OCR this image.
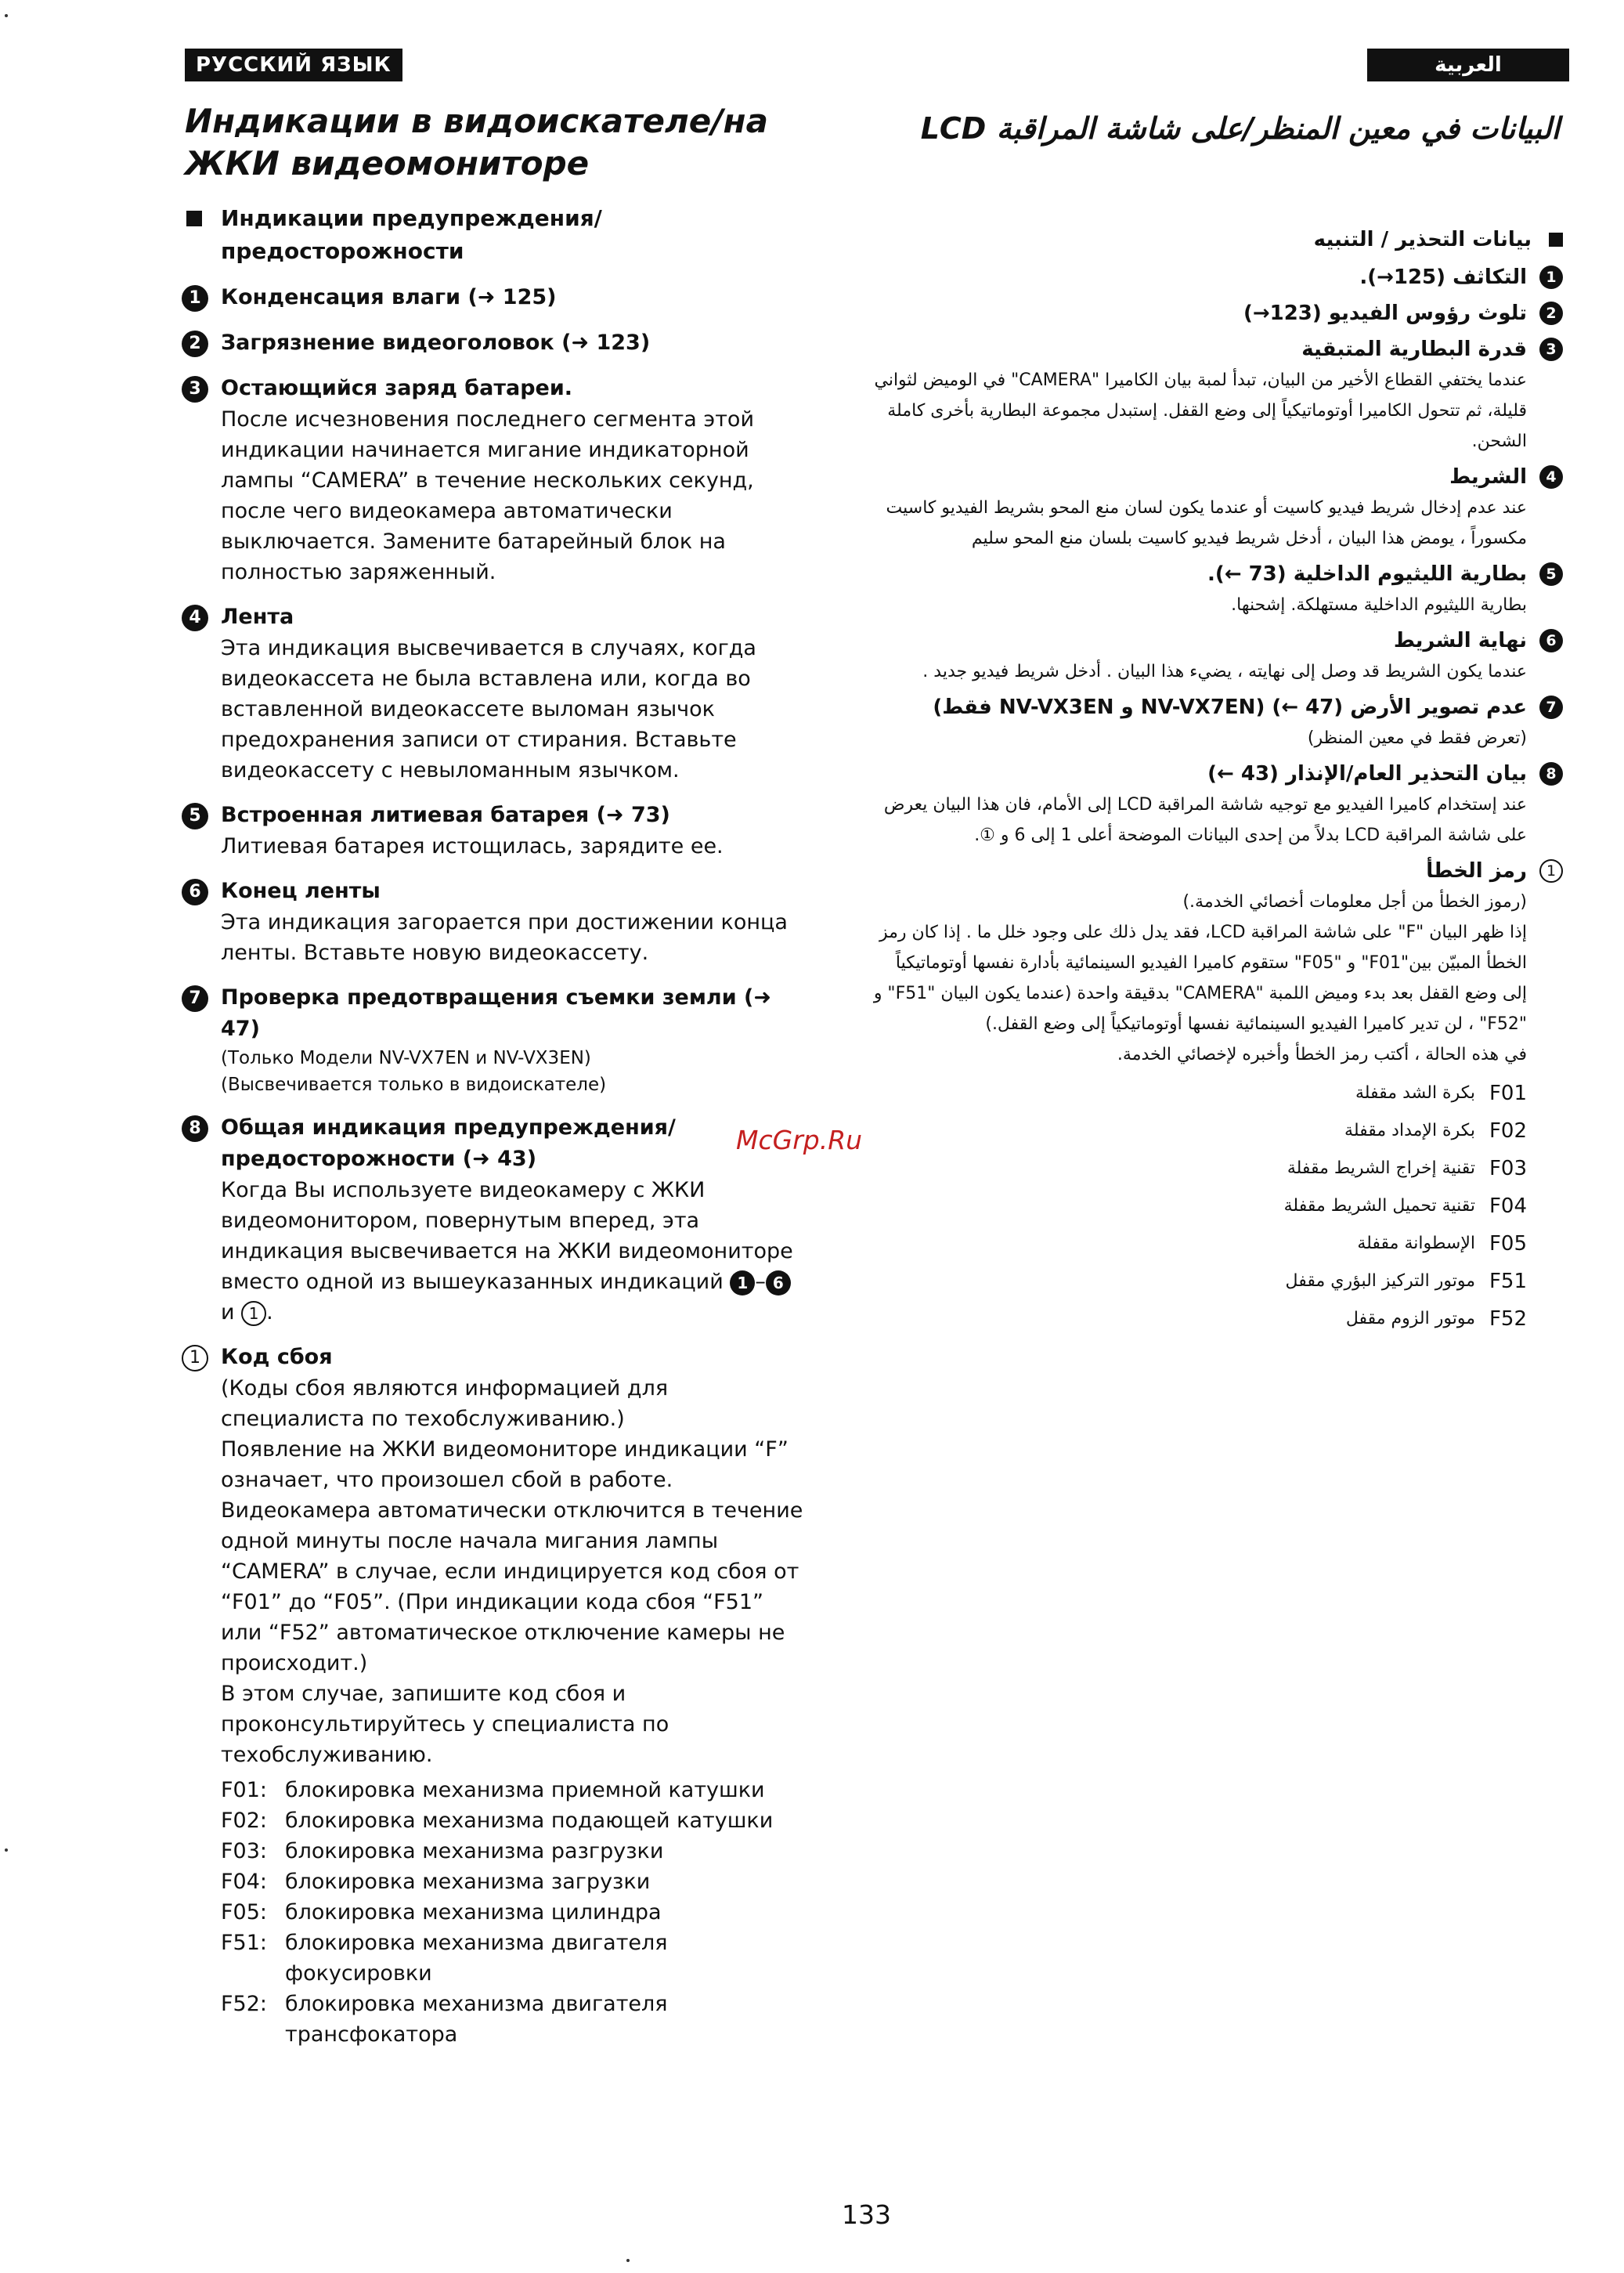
РУССКИЙ ЯЗЫК	العربية
Индикации в видоискателе/на ЖКИ видеомониторе
البيانات في معين المنظر/على شاشة المراقبة LCD
Индикации предупреждения/ предосторожности
1 Конденсация влаги (➜ 125)
2 Загрязнение видеоголовок (➜ 123)
3 Остающийся заряд батареи.
После исчезновения последнего сегмента этой индикации начинается мигание индикаторной лампы “CAMERA” в течение нескольких секунд, после чего видеокамера автоматически выключается. Замените батарейный блок на полностью заряженный.
4 Лента
Эта индикация высвечивается в случаях, когда видеокассета не была вставлена или, когда во вставленной видеокассете выломан язычок предохранения записи от стирания. Вставьте видеокассету с невыломанным язычком.
5 Встроенная литиевая батарея (➜ 73)
Литиевая батарея истощилась, зарядите ее.
6 Конец ленты
Эта индикация загорается при достижении конца ленты. Вставьте новую видеокассету.
7 Проверка предотвращения съемки земли (➜ 47)
(Только Модели NV-VX7EN и NV-VX3EN)
(Высвечивается только в видоискателе)
8 Общая индикация предупреждения/ предосторожности (➜ 43)
Когда Вы используете видеокамеру с ЖКИ видеомонитором, повернутым вперед, эта индикация высвечивается на ЖКИ видеомониторе вместо одной из вышеуказанных индикаций 1 – 6 и 1 .
1 Код сбоя
(Коды сбоя являются информацией для специалиста по техобслуживанию.)
Появление на ЖКИ видеомониторе индикации “F” означает, что произошел сбой в работе. Видеокамера автоматически отключится в течение одной минуты после начала мигания лампы “CAMERA” в случае, если индицируется код сбоя от “F01” до “F05”. (При индикации кода сбоя “F51” или “F52” автоматическое отключение камеры не происходит.)
В этом случае, запишите код сбоя и проконсультируйтесь у специалиста по техобслуживанию.
F01: блокировка механизма приемной катушки
F02: блокировка механизма подающей катушки
F03: блокировка механизма разгрузки
F04: блокировка механизма загрузки
F05: блокировка механизма цилиндра
F51: блокировка механизма двигателя фокусировки
F52: блокировка механизма двигателя трансфокатора
بيانات التحذير / التنبيه
1
التكاثف (125→).
2
تلوث رؤوس الفيديو (123→)
3
قدرة البطارية المتبقية
عندما يختفي القطاع الأخير من البيان، تبدأ لمبة بيان الكاميرا "CAMERA" في الوميض لثواني قليلة، ثم تتحول الكاميرا أوتوماتيكياً إلى وضع القفل. إستبدل مجموعة البطارية بأخرى كاملة الشحن.
4
الشريط
عند عدم إدخال شريط فيديو كاسيت أو عندما يكون لسان منع المحو بشريط الفيديو كاسيت مكسوراً ، يومض هذا البيان ، أدخل شريط فيديو كاسيت بلسان منع المحو سليم
5
بطارية الليثيوم الداخلية (73 ←).
بطارية الليثيوم الداخلية مستهلكة. إشحنها.
6
نهاية الشريط
عندما يكون الشريط قد وصل إلى نهايته ، يضيء هذا البيان . أدخل شريط فيديو جديد .
7
عدم تصوير الأرض (47 ←) (NV-VX7EN و NV-VX3EN فقط)
(تعرض فقط في معين المنظر)
8
بيان التحذير العام/الإنذار (43 ←)
عند إستخدام كاميرا الفيديو مع توجيه شاشة المراقبة LCD إلى الأمام، فان هذا البيان يعرض على شاشة المراقبة LCD بدلاً من إحدى البيانات الموضحة أعلى 1 إلى 6 و ①.
1
رمز الخطأ
(رموز الخطأ من أجل معلومات أخصائي الخدمة.)
إذا ظهر البيان "F" على شاشة المراقبة LCD، فقد يدل ذلك على وجود خلل ما . إذا كان رمز الخطأ المبيّن بين"F01" و "F05" ستقوم كاميرا الفيديو السينمائية بأدارة نفسها أوتوماتيكياً إلى وضع القفل بعد بدء وميض اللمبة "CAMERA" بدقيقة واحدة (عندما يكون البيان "F51" و "F52" ، لن تدير كاميرا الفيديو السينمائية نفسها أوتوماتيكياً إلى وضع القفل.)
في هذه الحالة ، أكتب رمز الخطأ وأخبره لإخصائي الخدمة.
F01
بكرة الشد مقفلة
F02
بكرة الإمداد مقفلة
F03
تقنية إخراج الشريط مقفلة
F04
تقنية تحميل الشريط مقفلة
F05
الإسطوانة مقفلة
F51
موتور التركيز البؤري مقفل
F52
موتور الزوم مقفل
McGrp.Ru
133
